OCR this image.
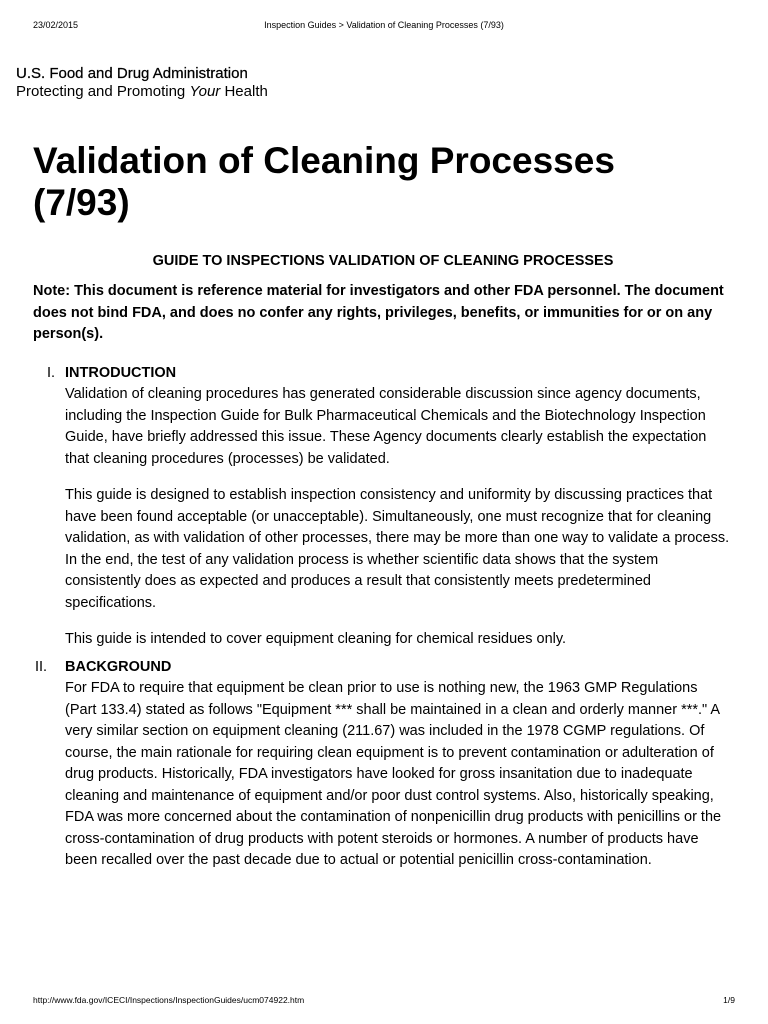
23/02/2015	Inspection Guides > Validation of Cleaning Processes (7/93)
U.S. Food and Drug Administration
Protecting and Promoting Your Health
Validation of Cleaning Processes (7/93)
GUIDE TO INSPECTIONS VALIDATION OF CLEANING PROCESSES
Note: This document is reference material for investigators and other FDA personnel. The document does not bind FDA, and does no confer any rights, privileges, benefits, or immunities for or on any person(s).
I. INTRODUCTION

Validation of cleaning procedures has generated considerable discussion since agency documents, including the Inspection Guide for Bulk Pharmaceutical Chemicals and the Biotechnology Inspection Guide, have briefly addressed this issue. These Agency documents clearly establish the expectation that cleaning procedures (processes) be validated.

This guide is designed to establish inspection consistency and uniformity by discussing practices that have been found acceptable (or unacceptable). Simultaneously, one must recognize that for cleaning validation, as with validation of other processes, there may be more than one way to validate a process. In the end, the test of any validation process is whether scientific data shows that the system consistently does as expected and produces a result that consistently meets predetermined specifications.

This guide is intended to cover equipment cleaning for chemical residues only.

II.	BACKGROUND

For FDA to require that equipment be clean prior to use is nothing new, the 1963 GMP Regulations (Part 133.4) stated as follows "Equipment *** shall be maintained in a clean and orderly manner ***." A very similar section on equipment cleaning (211.67) was included in the 1978 CGMP regulations. Of course, the main rationale for requiring clean equipment is to prevent contamination or adulteration of drug products. Historically, FDA investigators have looked for gross insanitation due to inadequate cleaning and maintenance of equipment and/or poor dust control systems. Also, historically speaking, FDA was more concerned about the contamination of nonpenicillin drug products with penicillins or the cross-contamination of drug products with potent steroids or hormones. A number of products have been recalled over the past decade due to actual or potential penicillin cross-contamination.

http://www.fda.gov/ICECI/Inspections/InspectionGuides/ucm074922.htm	1/9
